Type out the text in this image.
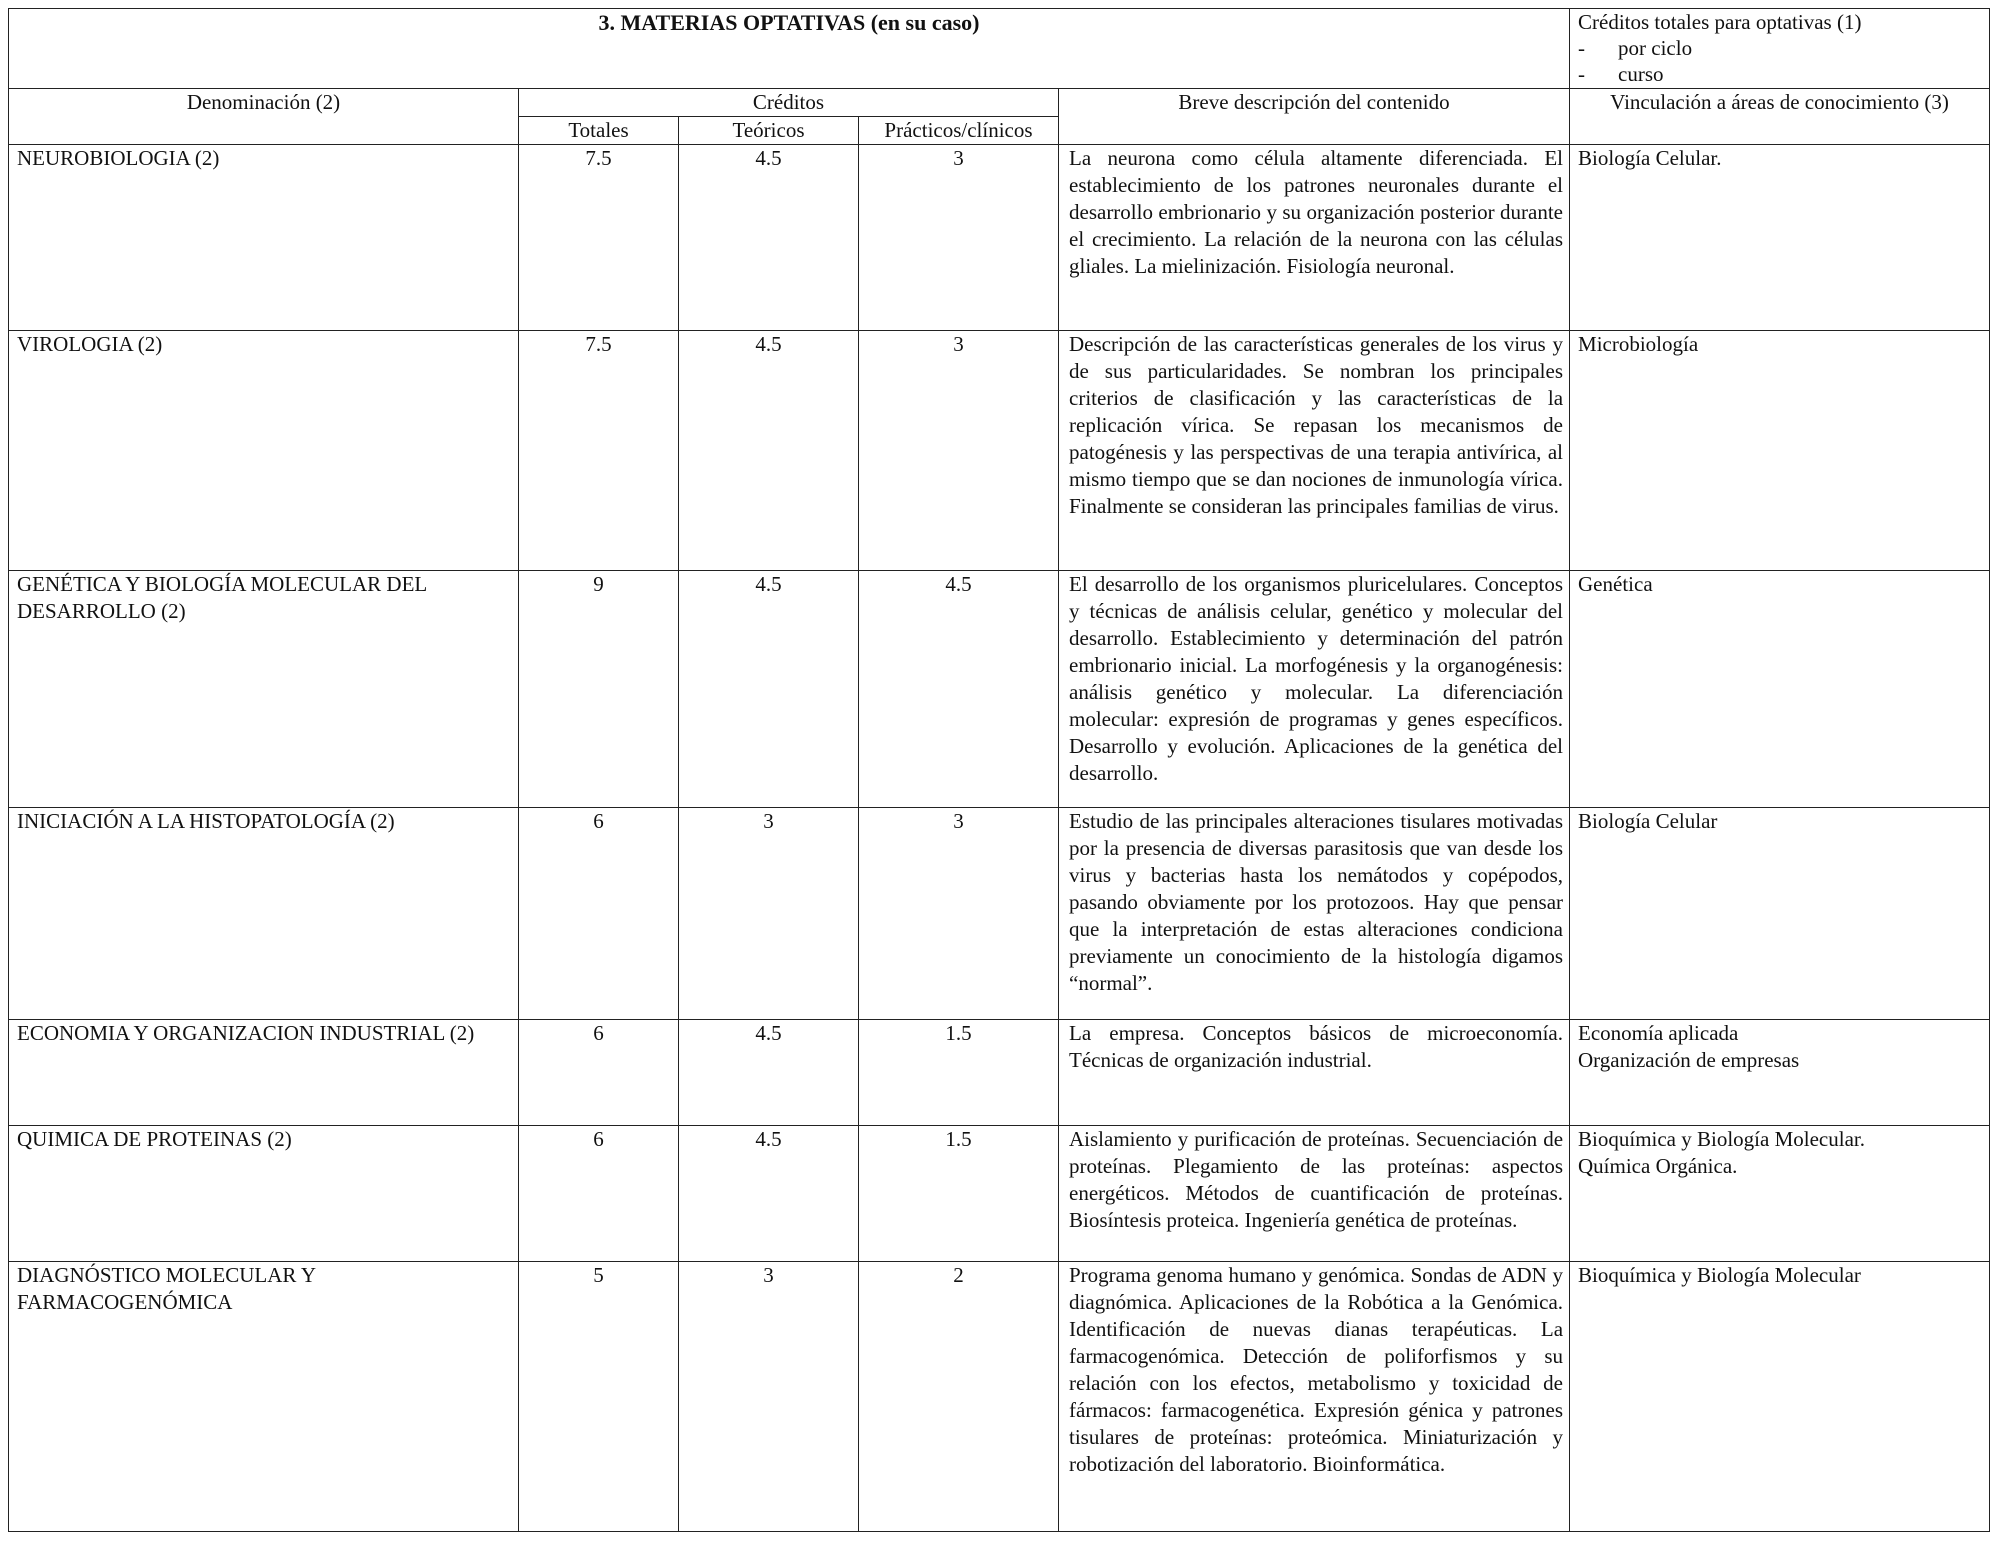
3. MATERIAS OPTATIVAS (en su caso)					Créditos totales para optativas (1)
- por ciclo
- curso

Denominación (2)	Créditos			Breve descripción del contenido	Vinculación a áreas de conocimiento (3)
	Totales	Teóricos	Prácticos/clínicos		
NEUROBIOLOGIA (2)	7.5	4.5	3	La neurona como célula altamente diferenciada. El establecimiento de los patrones neuronales durante el desarrollo embrionario y su organización posterior durante el crecimiento. La relación de la neurona con las células gliales. La mielinización. Fisiología neuronal.	Biología Celular.
VIROLOGIA (2)	7.5	4.5	3	Descripción de las características generales de los virus y de sus particularidades. Se nombran los principales criterios de clasificación y las características de la replicación vírica. Se repasan los mecanismos de patogénesis y las perspectivas de una terapia antivírica, al mismo tiempo que se dan nociones de inmunología vírica. Finalmente se consideran las principales familias de virus.	Microbiología
GENÉTICA Y BIOLOGÍA MOLECULAR DEL DESARROLLO (2)	9	4.5	4.5	El desarrollo de los organismos pluricelulares. Conceptos y técnicas de análisis celular, genético y molecular del desarrollo. Establecimiento y determinación del patrón embrionario inicial. La morfogénesis y la organogénesis: análisis genético y molecular. La diferenciación molecular: expresión de programas y genes específicos. Desarrollo y evolución. Aplicaciones de la genética del desarrollo.	Genética
INICIACIÓN A LA HISTOPATOLOGÍA (2)	6	3	3	Estudio de las principales alteraciones tisulares motivadas por la presencia de diversas parasitosis que van desde los virus y bacterias hasta los nemátodos y copépodos, pasando obviamente por los protozoos. Hay que pensar que la interpretación de estas alteraciones condiciona previamente un conocimiento de la histología digamos “normal”.	Biología Celular
ECONOMIA Y ORGANIZACION INDUSTRIAL (2)	6	4.5	1.5	La empresa. Conceptos básicos de microeconomía. Técnicas de organización industrial.	Economía aplicada
Organización de empresas
QUIMICA DE PROTEINAS (2)	6	4.5	1.5	Aislamiento y purificación de proteínas. Secuenciación de proteínas. Plegamiento de las proteínas: aspectos energéticos. Métodos de cuantificación de proteínas. Biosíntesis proteica. Ingeniería genética de proteínas.	Bioquímica y Biología Molecular.
Química Orgánica.
DIAGNÓSTICO MOLECULAR Y FARMACOGENÓMICA	5	3	2	Programa genoma humano y genómica. Sondas de ADN y diagnómica. Aplicaciones de la Robótica a la Genómica. Identificación de nuevas dianas terapéuticas. La farmacogenómica. Detección de poliforfismos y su relación con los efectos, metabolismo y toxicidad de fármacos: farmacogenética. Expresión génica y patrones tisulares de proteínas: proteómica. Miniaturización y robotización del laboratorio. Bioinformática.	Bioquímica y Biología Molecular
